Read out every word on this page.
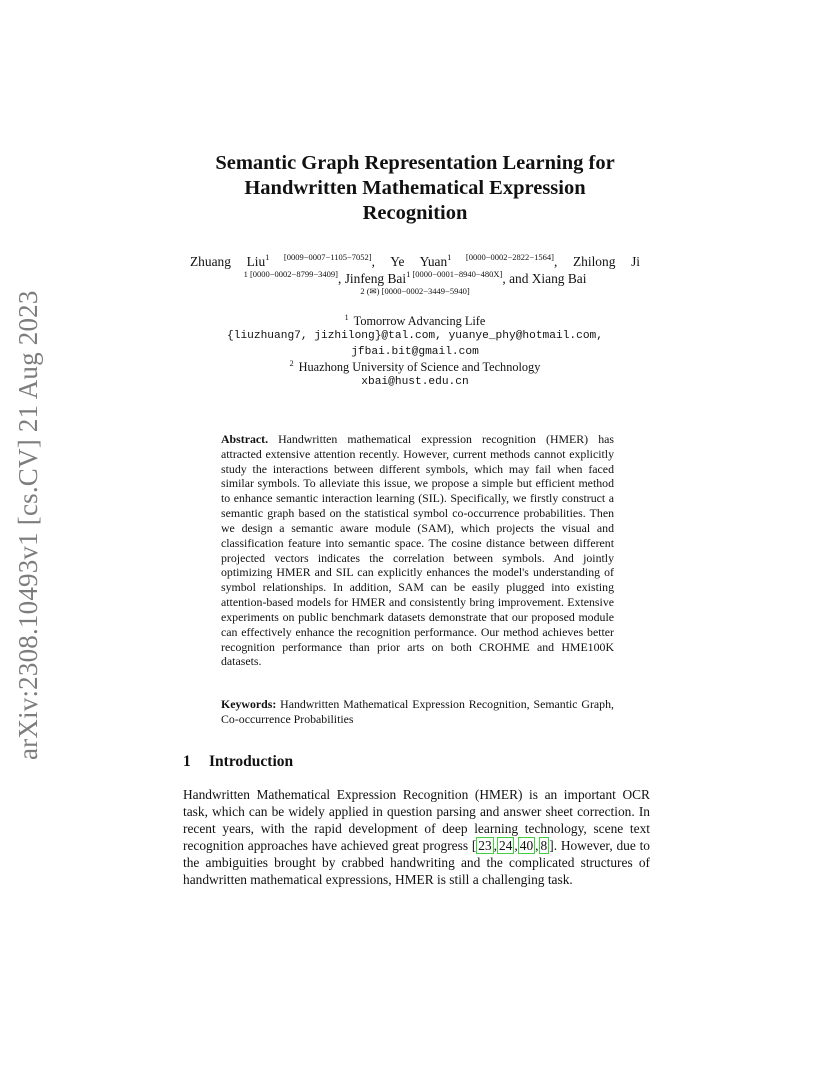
arXiv:2308.10493v1 [cs.CV] 21 Aug 2023
Semantic Graph Representation Learning for
Handwritten Mathematical Expression
Recognition
Zhuang Liu$^{1 [0009-0007-1105-7052]}$, Ye Yuan$^{1 [0000-0002-2822-1564]}$, Zhilong Ji
$^{1 [0000-0002-8799-3409]}$, Jinfeng Bai$^{1 [0000-0001-8940-480X]}$, and Xiang Bai
$^{2 (✉) [0000-0002-3449-5940]}$
$^1$ Tomorrow Advancing Life
{liuzhuang7, jizhilong}@tal.com, yuanye_phy@hotmail.com,
jfbai.bit@gmail.com
$^2$ Huazhong University of Science and Technology
xbai@hust.edu.cn
Abstract. Handwritten mathematical expression recognition (HMER) has attracted extensive attention recently. However, current methods cannot explicitly study the interactions between different symbols, which may fail when faced similar symbols. To alleviate this issue, we propose a simple but efficient method to enhance semantic interaction learning (SIL). Specifically, we firstly construct a semantic graph based on the statistical symbol co-occurrence probabilities. Then we design a semantic aware module (SAM), which projects the visual and classification feature into semantic space. The cosine distance between different projected vectors indicates the correlation between symbols. And jointly optimizing HMER and SIL can explicitly enhances the model's understanding of symbol relationships. In addition, SAM can be easily plugged into existing attention-based models for HMER and consistently bring improvement. Extensive experiments on public benchmark datasets demonstrate that our proposed module can effectively enhance the recognition performance. Our method achieves better recognition performance than prior arts on both CROHME and HME100K datasets.
Keywords: Handwritten Mathematical Expression Recognition, Semantic Graph, Co-occurrence Probabilities
1 Introduction
Handwritten Mathematical Expression Recognition (HMER) is an important OCR task, which can be widely applied in question parsing and answer sheet correction. In recent years, with the rapid development of deep learning technology, scene text recognition approaches have achieved great progress [ 23 , 24 , 40 , 8 ]. However, due to the ambiguities brought by crabbed handwriting and the complicated structures of handwritten mathematical expressions, HMER is still a challenging task.
